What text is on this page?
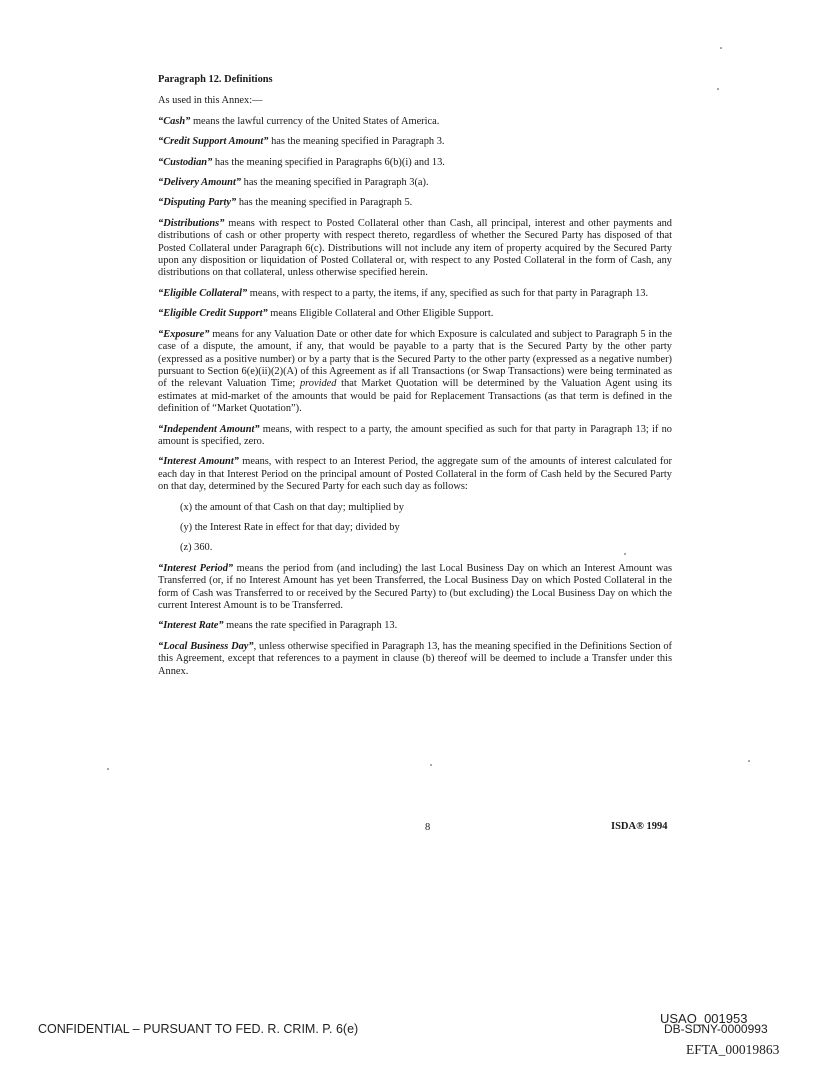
Paragraph 12. Definitions

As used in this Annex:—

“Cash” means the lawful currency of the United States of America.

“Credit Support Amount” has the meaning specified in Paragraph 3.

“Custodian” has the meaning specified in Paragraphs 6(b)(i) and 13.

“Delivery Amount” has the meaning specified in Paragraph 3(a).

“Disputing Party” has the meaning specified in Paragraph 5.

“Distributions” means with respect to Posted Collateral other than Cash, all principal, interest and other payments and distributions of cash or other property with respect thereto, regardless of whether the Secured Party has disposed of that Posted Collateral under Paragraph 6(c). Distributions will not include any item of property acquired by the Secured Party upon any disposition or liquidation of Posted Collateral or, with respect to any Posted Collateral in the form of Cash, any distributions on that collateral, unless otherwise specified herein.

“Eligible Collateral” means, with respect to a party, the items, if any, specified as such for that party in Paragraph 13.

“Eligible Credit Support” means Eligible Collateral and Other Eligible Support.

“Exposure” means for any Valuation Date or other date for which Exposure is calculated and subject to Paragraph 5 in the case of a dispute, the amount, if any, that would be payable to a party that is the Secured Party by the other party (expressed as a positive number) or by a party that is the Secured Party to the other party (expressed as a negative number) pursuant to Section 6(e)(ii)(2)(A) of this Agreement as if all Transactions (or Swap Transactions) were being terminated as of the relevant Valuation Time; provided that Market Quotation will be determined by the Valuation Agent using its estimates at mid-market of the amounts that would be paid for Replacement Transactions (as that term is defined in the definition of “Market Quotation”).

“Independent Amount” means, with respect to a party, the amount specified as such for that party in Paragraph 13; if no amount is specified, zero.

“Interest Amount” means, with respect to an Interest Period, the aggregate sum of the amounts of interest calculated for each day in that Interest Period on the principal amount of Posted Collateral in the form of Cash held by the Secured Party on that day, determined by the Secured Party for each such day as follows:

(x) the amount of that Cash on that day; multiplied by

(y) the Interest Rate in effect for that day; divided by

(z) 360.

“Interest Period” means the period from (and including) the last Local Business Day on which an Interest Amount was Transferred (or, if no Interest Amount has yet been Transferred, the Local Business Day on which Posted Collateral in the form of Cash was Transferred to or received by the Secured Party) to (but excluding) the Local Business Day on which the current Interest Amount is to be Transferred.

“Interest Rate” means the rate specified in Paragraph 13.

“Local Business Day”, unless otherwise specified in Paragraph 13, has the meaning specified in the Definitions Section of this Agreement, except that references to a payment in clause (b) thereof will be deemed to include a Transfer under this Annex.

8	ISDA® 1994
CONFIDENTIAL – PURSUANT TO FED. R. CRIM. P. 6(e)
USAO_001953
DB-SDNY-0000993
EFTA_00019863
